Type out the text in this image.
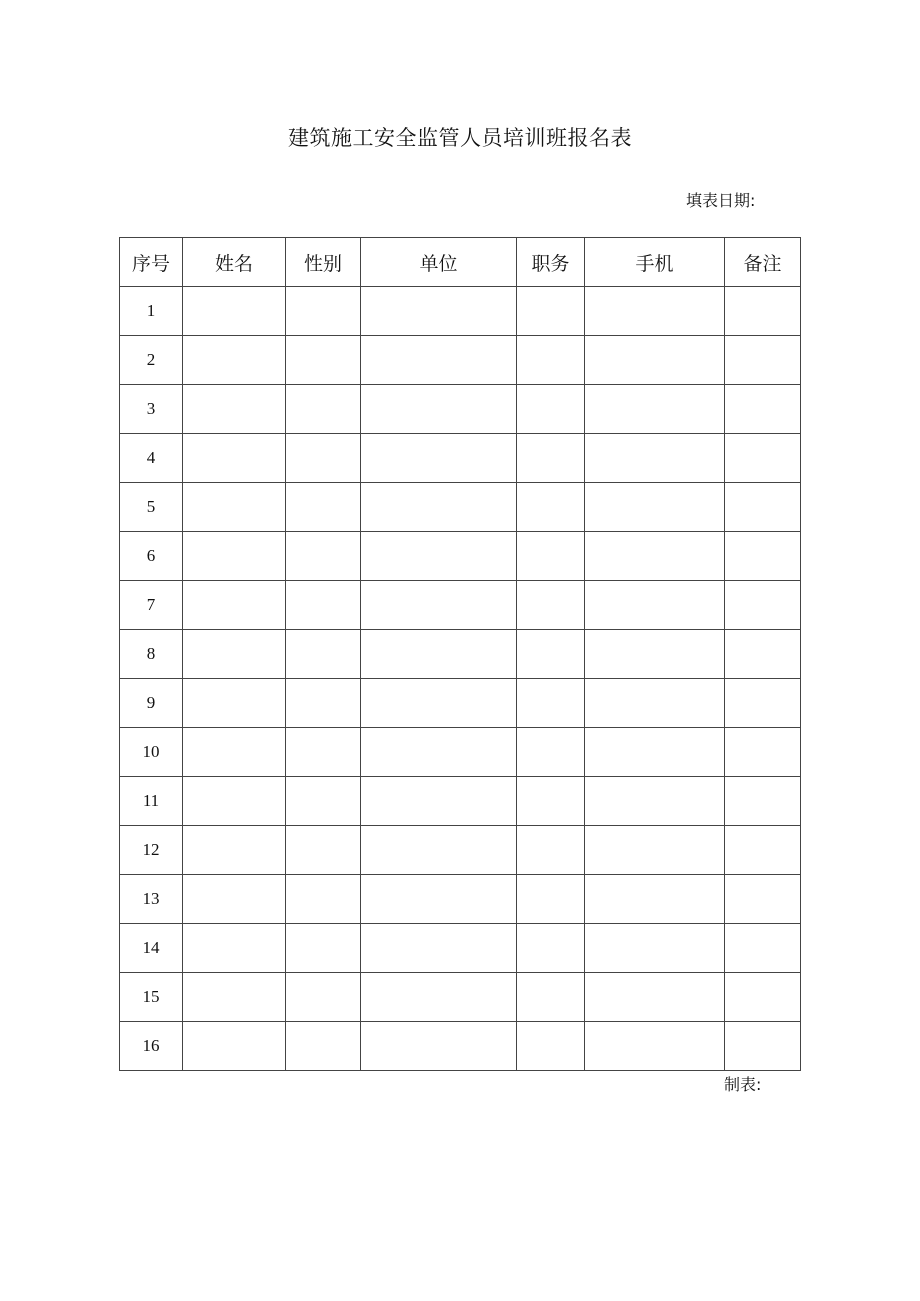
建筑施工安全监管人员培训班报名表
填表日期:
序号	姓名	性别	单位	职务	手机	备注
1						
2						
3						
4						
5						
6						
7						
8						
9						
10						
11						
12						
13						
14						
15						
16						
制表:
